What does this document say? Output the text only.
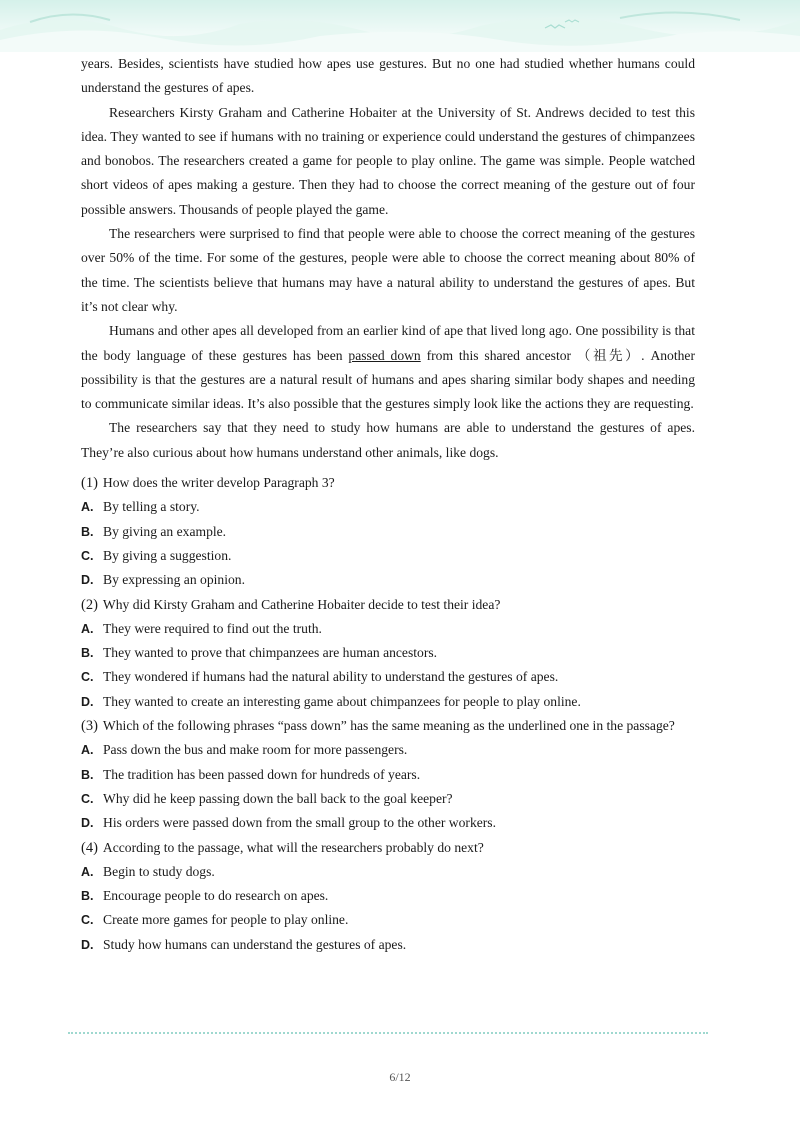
years. Besides, scientists have studied how apes use gestures. But no one had studied whether humans could understand the gestures of apes.

Researchers Kirsty Graham and Catherine Hobaiter at the University of St. Andrews decided to test this idea. They wanted to see if humans with no training or experience could understand the gestures of chimpanzees and bonobos. The researchers created a game for people to play online. The game was simple. People watched short videos of apes making a gesture. Then they had to choose the correct meaning of the gesture out of four possible answers. Thousands of people played the game.

The researchers were surprised to find that people were able to choose the correct meaning of the gestures over 50% of the time. For some of the gestures, people were able to choose the correct meaning about 80% of the time. The scientists believe that humans may have a natural ability to understand the gestures of apes. But it’s not clear why.

Humans and other apes all developed from an earlier kind of ape that lived long ago. One possibility is that the body language of these gestures has been passed down from this shared ancestor （祖先）. Another possibility is that the gestures are a natural result of humans and apes sharing similar body shapes and needing to communicate similar ideas. It’s also possible that the gestures simply look like the actions they are requesting.

The researchers say that they need to study how humans are able to understand the gestures of apes. They’re also curious about how humans understand other animals, like dogs.

(1) How does the writer develop Paragraph 3?

A. By telling a story.

B. By giving an example.

C. By giving a suggestion.

D. By expressing an opinion.

(2) Why did Kirsty Graham and Catherine Hobaiter decide to test their idea?

A. They were required to find out the truth.

B. They wanted to prove that chimpanzees are human ancestors.

C. They wondered if humans had the natural ability to understand the gestures of apes.

D. They wanted to create an interesting game about chimpanzees for people to play online.

(3) Which of the following phrases “pass down” has the same meaning as the underlined one in the passage?

A. Pass down the bus and make room for more passengers.

B. The tradition has been passed down for hundreds of years.

C. Why did he keep passing down the ball back to the goal keeper?

D. His orders were passed down from the small group to the other workers.

(4) According to the passage, what will the researchers probably do next?

A. Begin to study dogs.

B. Encourage people to do research on apes.

C. Create more games for people to play online.

D. Study how humans can understand the gestures of apes.

6/12
